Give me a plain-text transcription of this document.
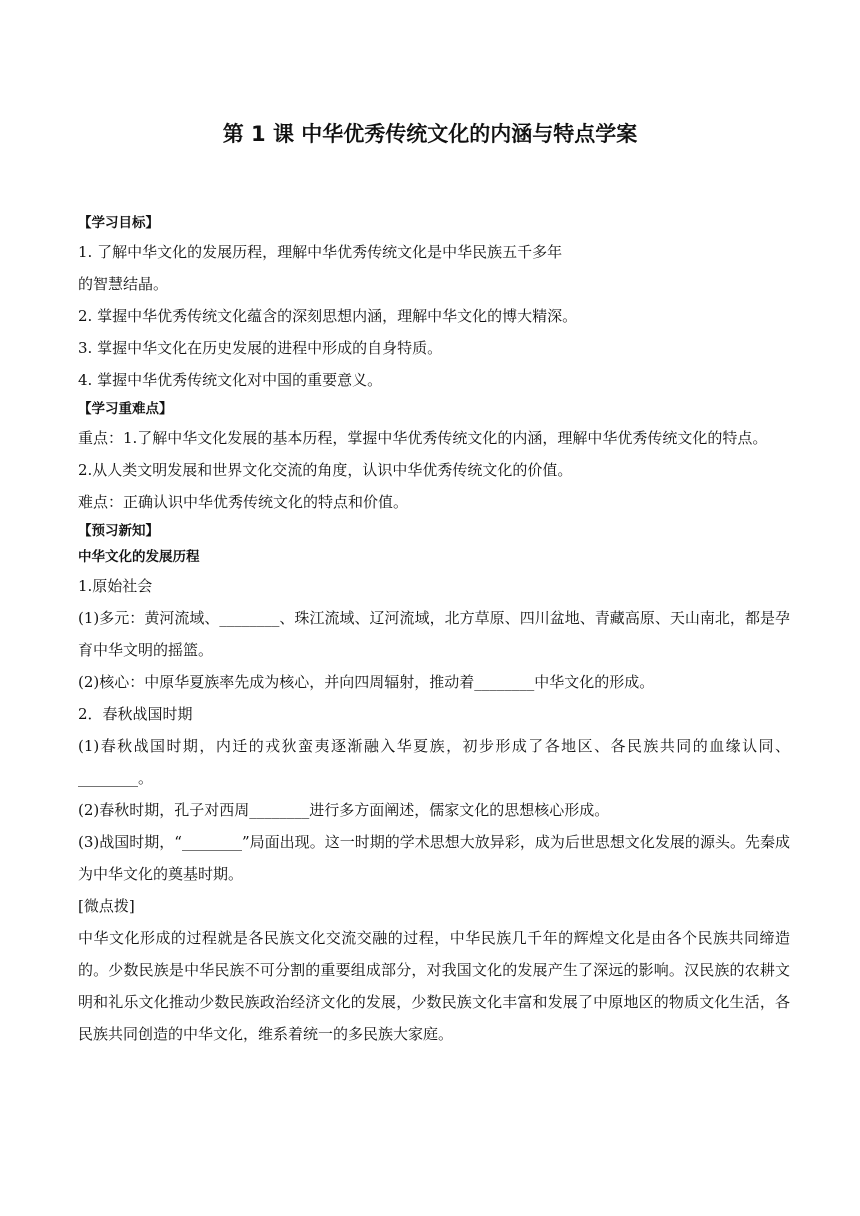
第 1 课 中华优秀传统文化的内涵与特点学案

【学习目标】

1. 了解中华文化的发展历程，理解中华优秀传统文化是中华民族五千多年

的智慧结晶。

2. 掌握中华优秀传统文化蕴含的深刻思想内涵，理解中华文化的博大精深。

3. 掌握中华文化在历史发展的进程中形成的自身特质。

4. 掌握中华优秀传统文化对中国的重要意义。

【学习重难点】

重点：1.了解中华文化发展的基本历程，掌握中华优秀传统文化的内涵，理解中华优秀传统文化的特点。

2.从人类文明发展和世界文化交流的角度，认识中华优秀传统文化的价值。

难点：正确认识中华优秀传统文化的特点和价值。

【预习新知】

中华文化的发展历程

1.原始社会

(1)多元：黄河流域、________、珠江流域、辽河流域，北方草原、四川盆地、青藏高原、天山南北，都是孕育中华文明的摇篮。

(2)核心：中原华夏族率先成为核心，并向四周辐射，推动着________中华文化的形成。

2．春秋战国时期

(1)春秋战国时期，内迁的戎狄蛮夷逐渐融入华夏族，初步形成了各地区、各民族共同的血缘认同、________。

(2)春秋时期，孔子对西周________进行多方面阐述，儒家文化的思想核心形成。

(3)战国时期，“________”局面出现。这一时期的学术思想大放异彩，成为后世思想文化发展的源头。先秦成为中华文化的奠基时期。

[微点拨]

中华文化形成的过程就是各民族文化交流交融的过程，中华民族几千年的辉煌文化是由各个民族共同缔造的。少数民族是中华民族不可分割的重要组成部分，对我国文化的发展产生了深远的影响。汉民族的农耕文明和礼乐文化推动少数民族政治经济文化的发展，少数民族文化丰富和发展了中原地区的物质文化生活，各民族共同创造的中华文化，维系着统一的多民族大家庭。
